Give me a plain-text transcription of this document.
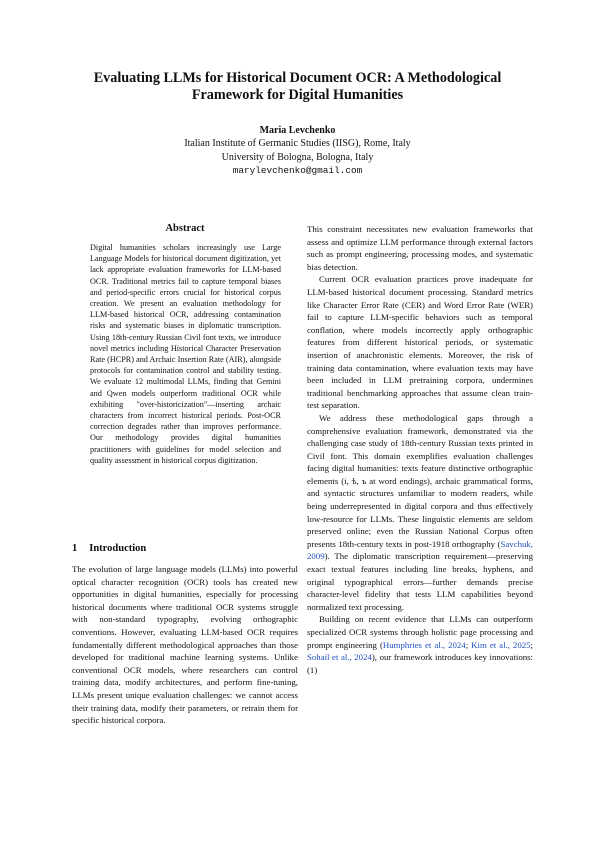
Evaluating LLMs for Historical Document OCR: A Methodological Framework for Digital Humanities
Maria Levchenko
Italian Institute of Germanic Studies (IISG), Rome, Italy
University of Bologna, Bologna, Italy
marylevchenko@gmail.com
Abstract
Digital humanities scholars increasingly use Large Language Models for historical document digitization, yet lack appropriate evaluation frameworks for LLM-based OCR. Traditional metrics fail to capture temporal biases and period-specific errors crucial for historical corpus creation. We present an evaluation methodology for LLM-based historical OCR, addressing contamination risks and systematic biases in diplomatic transcription. Using 18th-century Russian Civil font texts, we introduce novel metrics including Historical Character Preservation Rate (HCPR) and Archaic Insertion Rate (AIR), alongside protocols for contamination control and stability testing. We evaluate 12 multimodal LLMs, finding that Gemini and Qwen models outperform traditional OCR while exhibiting "over-historicization"—inserting archaic characters from incorrect historical periods. Post-OCR correction degrades rather than improves performance. Our methodology provides digital humanities practitioners with guidelines for model selection and quality assessment in historical corpus digitization.
1 Introduction

The evolution of large language models (LLMs) into powerful optical character recognition (OCR) tools has created new opportunities in digital humanities, especially for processing historical documents where traditional OCR systems struggle with non-standard typography, evolving orthographic conventions. However, evaluating LLM-based OCR requires fundamentally different methodological approaches than those developed for traditional machine learning systems. Unlike conventional OCR models, where researchers can control training data, modify architectures, and perform fine-tuning, LLMs present unique evaluation challenges: we cannot access their training data, modify their parameters, or retrain them for specific historical corpora.

This constraint necessitates new evaluation frameworks that assess and optimize LLM performance through external factors such as prompt engineering, processing modes, and systematic bias detection.

Current OCR evaluation practices prove inadequate for LLM-based historical document processing. Standard metrics like Character Error Rate (CER) and Word Error Rate (WER) fail to capture LLM-specific behaviors such as temporal conflation, where models incorrectly apply orthographic features from different historical periods, or systematic insertion of anachronistic elements. Moreover, the risk of training data contamination, where evaluation texts may have been included in LLM pretraining corpora, undermines traditional benchmarking approaches that assume clean train-test separation.

We address these methodological gaps through a comprehensive evaluation framework, demonstrated via the challenging case study of 18th-century Russian texts printed in Civil font. This domain exemplifies evaluation challenges facing digital humanities: texts feature distinctive orthographic elements (і, ѣ, ъ at word endings), archaic grammatical forms, and syntactic structures unfamiliar to modern readers, while being underrepresented in digital corpora and thus effectively low-resource for LLMs. These linguistic elements are seldom preserved online; even the Russian National Corpus often presents 18th-century texts in post-1918 orthography (Savchuk, 2009). The diplomatic transcription requirement—preserving exact textual features including line breaks, hyphens, and original typographical errors—further demands precise character-level fidelity that tests LLM capabilities beyond normalized text processing.

Building on recent evidence that LLMs can outperform specialized OCR systems through holistic page processing and prompt engineering (Humphries et al., 2024; Kim et al., 2025; Sohail et al., 2024), our framework introduces key innovations: (1)
